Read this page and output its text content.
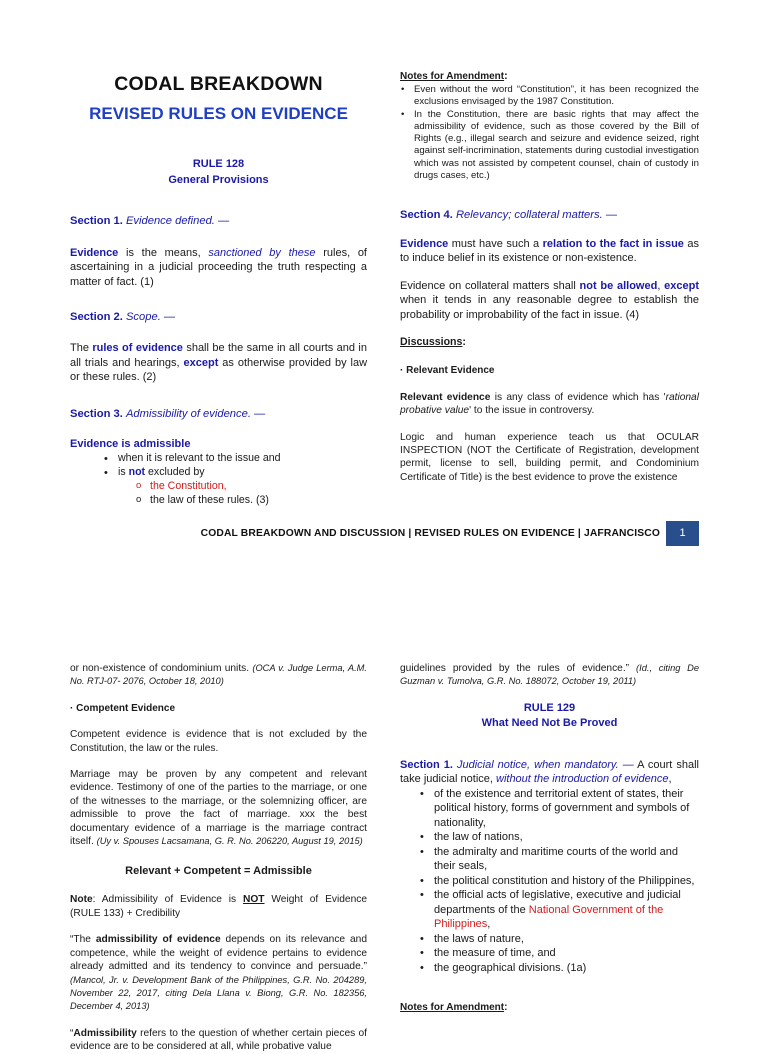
CODAL BREAKDOWN
REVISED RULES ON EVIDENCE
RULE 128
General Provisions
Section 1. Evidence defined. —

Evidence is the means, sanctioned by these rules, of ascertaining in a judicial proceeding the truth respecting a matter of fact. (1)

Section 2. Scope. —

The rules of evidence shall be the same in all courts and in all trials and hearings, except as otherwise provided by law or these rules. (2)

Section 3. Admissibility of evidence. —
Evidence is admissible
• when it is relevant to the issue and
• is not excluded by
o the Constitution,
o the law of these rules. (3)
Notes for Amendment:
• Even without the word “Constitution”, it has been recognized the exclusions envisaged by the 1987 Constitution.
• In the Constitution, there are basic rights that may affect the admissibility of evidence, such as those covered by the Bill of Rights (e.g., illegal search and seizure and evidence seized, right against self-incrimination, statements during custodial investigation which was not assisted by competent counsel, chain of custody in drugs cases, etc.)
Section 4. Relevancy; collateral matters. —

Evidence must have such a relation to the fact in issue as to induce belief in its existence or non-existence.

Evidence on collateral matters shall not be allowed, except when it tends in any reasonable degree to establish the probability or improbability of the fact in issue. (4)

Discussions:
· Relevant Evidence

Relevant evidence is any class of evidence which has 'rational probative value' to the issue in controversy.

Logic and human experience teach us that OCULAR INSPECTION (NOT the Certificate of Registration, development permit, license to sell, building permit, and Condominium Certificate of Title) is the best evidence to prove the existence

CODAL BREAKDOWN AND DISCUSSION | REVISED RULES ON EVIDENCE | JAFRANCISCO	1

or non-existence of condominium units. (OCA v. Judge Lerma, A.M. No. RTJ-07- 2076, October 18, 2010)

· Competent Evidence

Competent evidence is evidence that is not excluded by the Constitution, the law or the rules.

Marriage may be proven by any competent and relevant evidence. Testimony of one of the parties to the marriage, or one of the witnesses to the marriage, or the solemnizing officer, are admissible to prove the fact of marriage. xxx the best documentary evidence of a marriage is the marriage contract itself. (Uy v. Spouses Lacsamana, G. R. No. 206220, August 19, 2015)

Relevant + Competent = Admissible

Note: Admissibility of Evidence is NOT Weight of Evidence (RULE 133) + Credibility

“The admissibility of evidence depends on its relevance and competence, while the weight of evidence pertains to evidence already admitted and its tendency to convince and persuade.” (Mancol, Jr. v. Development Bank of the Philippines, G.R. No. 204289, November 22, 2017, citing Dela Llana v. Biong, G.R. No. 182356, December 4, 2013)

“Admissibility refers to the question of whether certain pieces of evidence are to be considered at all, while probative value

guidelines provided by the rules of evidence.” (Id., citing De Guzman v. Tumolva, G.R. No. 188072, October 19, 2011)

RULE 129
What Need Not Be Proved

Section 1. Judicial notice, when mandatory. — A court shall take judicial notice, without the introduction of evidence,

• of the existence and territorial extent of states, their political history, forms of government and symbols of nationality,
• the law of nations,
• the admiralty and maritime courts of the world and their seals,
• the political constitution and history of the Philippines,
• the official acts of legislative, executive and judicial departments of the National Government of the Philippines,
• the laws of nature,
• the measure of time, and
• the geographical divisions. (1a)
Notes for Amendment:
